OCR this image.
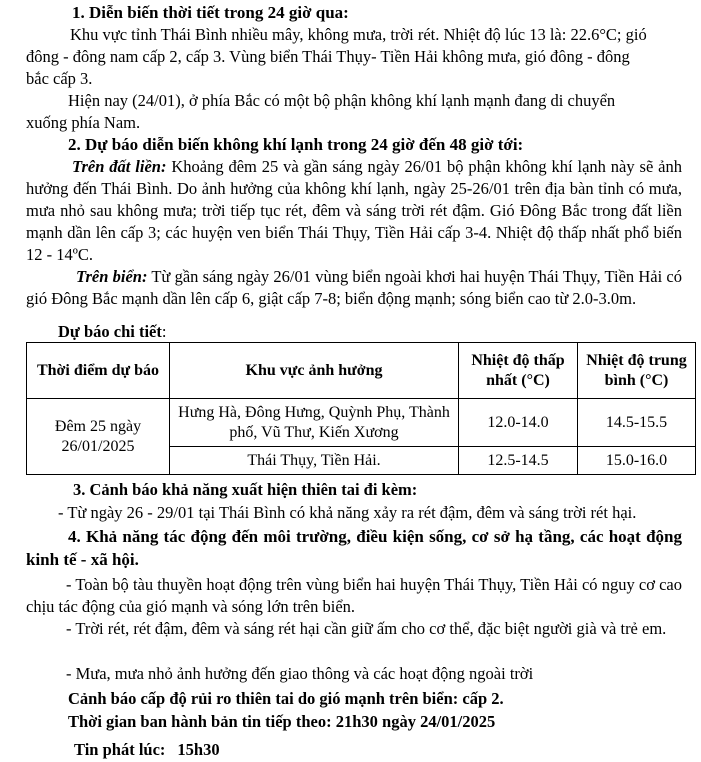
1. Diễn biến thời tiết trong 24 giờ qua:
Khu vực tỉnh Thái Bình nhiều mây, không mưa, trời rét. Nhiệt độ lúc 13 là: 22.6°C; gió
đông - đông nam cấp 2, cấp 3. Vùng biển Thái Thụy- Tiền Hải không mưa, gió đông - đông
bắc cấp 3.
Hiện nay (24/01), ở phía Bắc có một bộ phận không khí lạnh mạnh đang di chuyển
xuống phía Nam.
2. Dự báo diễn biến không khí lạnh trong 24 giờ đến 48 giờ tới:
Trên đất liền: Khoảng đêm 25 và gần sáng ngày 26/01 bộ phận không khí lạnh này sẽ ảnh hưởng đến Thái Bình. Do ảnh hưởng của không khí lạnh, ngày 25-26/01 trên địa bàn tỉnh có mưa, mưa nhỏ sau không mưa; trời tiếp tục rét, đêm và sáng trời rét đậm. Gió Đông Bắc trong đất liền mạnh dần lên cấp 3; các huyện ven biển Thái Thụy, Tiền Hải cấp 3-4. Nhiệt độ thấp nhất phổ biến 12 - 14ºC.
Trên biển: Từ gần sáng ngày 26/01 vùng biển ngoài khơi hai huyện Thái Thụy, Tiền Hải có gió Đông Bắc mạnh dần lên cấp 6, giật cấp 7-8; biển động mạnh; sóng biển cao từ 2.0-3.0m.
Dự báo chi tiết:
Thời điểm dự báo	Khu vực ảnh hưởng	Nhiệt độ thấp nhất (°C)	Nhiệt độ trung bình (°C)
Đêm 25 ngày 26/01/2025	Hưng Hà, Đông Hưng, Quỳnh Phụ, Thành phố, Vũ Thư, Kiến Xương	12.0-14.0	14.5-15.5
	Thái Thụy, Tiền Hải.	12.5-14.5	15.0-16.0
3. Cảnh báo khả năng xuất hiện thiên tai đi kèm:
- Từ ngày 26 - 29/01 tại Thái Bình có khả năng xảy ra rét đậm, đêm và sáng trời rét hại.
4. Khả năng tác động đến môi trường, điều kiện sống, cơ sở hạ tầng, các hoạt động kinh tế - xã hội.
- Toàn bộ tàu thuyền hoạt động trên vùng biển hai huyện Thái Thụy, Tiền Hải có nguy cơ cao chịu tác động của gió mạnh và sóng lớn trên biển.
- Trời rét, rét đậm, đêm và sáng rét hại cần giữ ấm cho cơ thể, đặc biệt người già và trẻ em.
- Mưa, mưa nhỏ ảnh hưởng đến giao thông và các hoạt động ngoài trời
Cảnh báo cấp độ rủi ro thiên tai do gió mạnh trên biển: cấp 2.
Thời gian ban hành bản tin tiếp theo: 21h30 ngày 24/01/2025
Tin phát lúc: 15h30
